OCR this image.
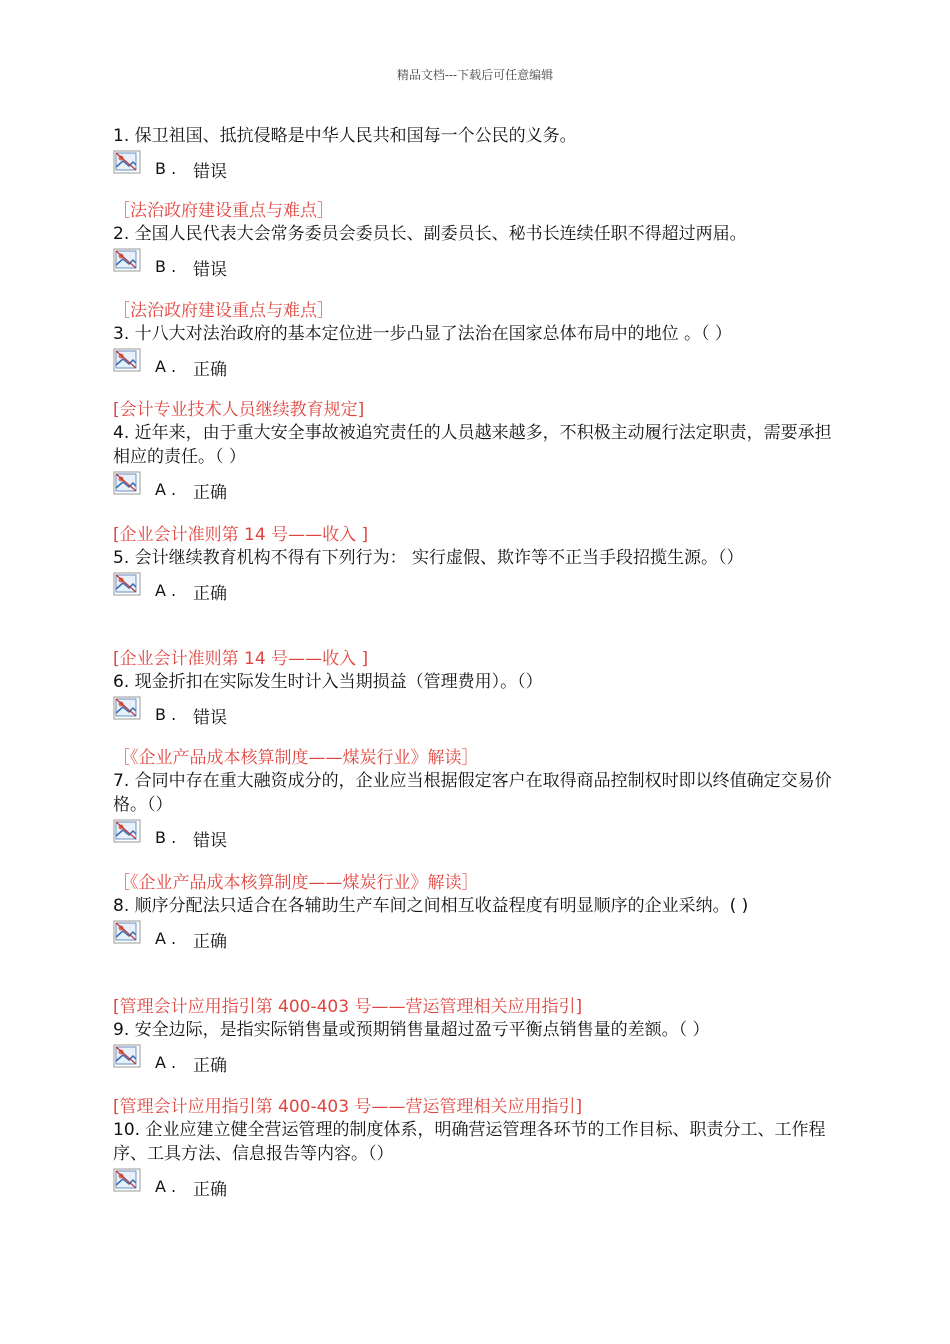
精品文档---下载后可任意编辑

1. 保卫祖国、抵抗侵略是中华人民共和国每一个公民的义务。

B . 错误
［法治政府建设重点与难点］

2. 全国人民代表大会常务委员会委员长、副委员长、秘书长连续任职不得超过两届。

B . 错误
［法治政府建设重点与难点］

3. 十八大对法治政府的基本定位进一步凸显了法治在国家总体布局中的地位 。（ ）

A . 正确
[会计专业技术人员继续教育规定]

4. 近年来，由于重大安全事故被追究责任的人员越来越多，不积极主动履行法定职责，需要承担相应的责任。（ ）

A . 正确
[企业会计准则第 14 号——收入 ]

5. 会计继续教育机构不得有下列行为： 实行虚假、欺诈等不正当手段招揽生源。（）

A . 正确
[企业会计准则第 14 号——收入 ]

6. 现金折扣在实际发生时计入当期损益（管理费用）。（）

B . 错误
［《企业产品成本核算制度——煤炭行业》解读］

7. 合同中存在重大融资成分的，企业应当根据假定客户在取得商品控制权时即以终值确定交易价格。（）

B . 错误
［《企业产品成本核算制度——煤炭行业》解读］

8. 顺序分配法只适合在各辅助生产车间之间相互收益程度有明显顺序的企业采纳。( )

A . 正确
[管理会计应用指引第 400-403 号——营运管理相关应用指引]

9. 安全边际，是指实际销售量或预期销售量超过盈亏平衡点销售量的差额。（ ）

A . 正确
[管理会计应用指引第 400-403 号——营运管理相关应用指引]

10. 企业应建立健全营运管理的制度体系，明确营运管理各环节的工作目标、职责分工、工作程序、工具方法、信息报告等内容。（）

A . 正确
